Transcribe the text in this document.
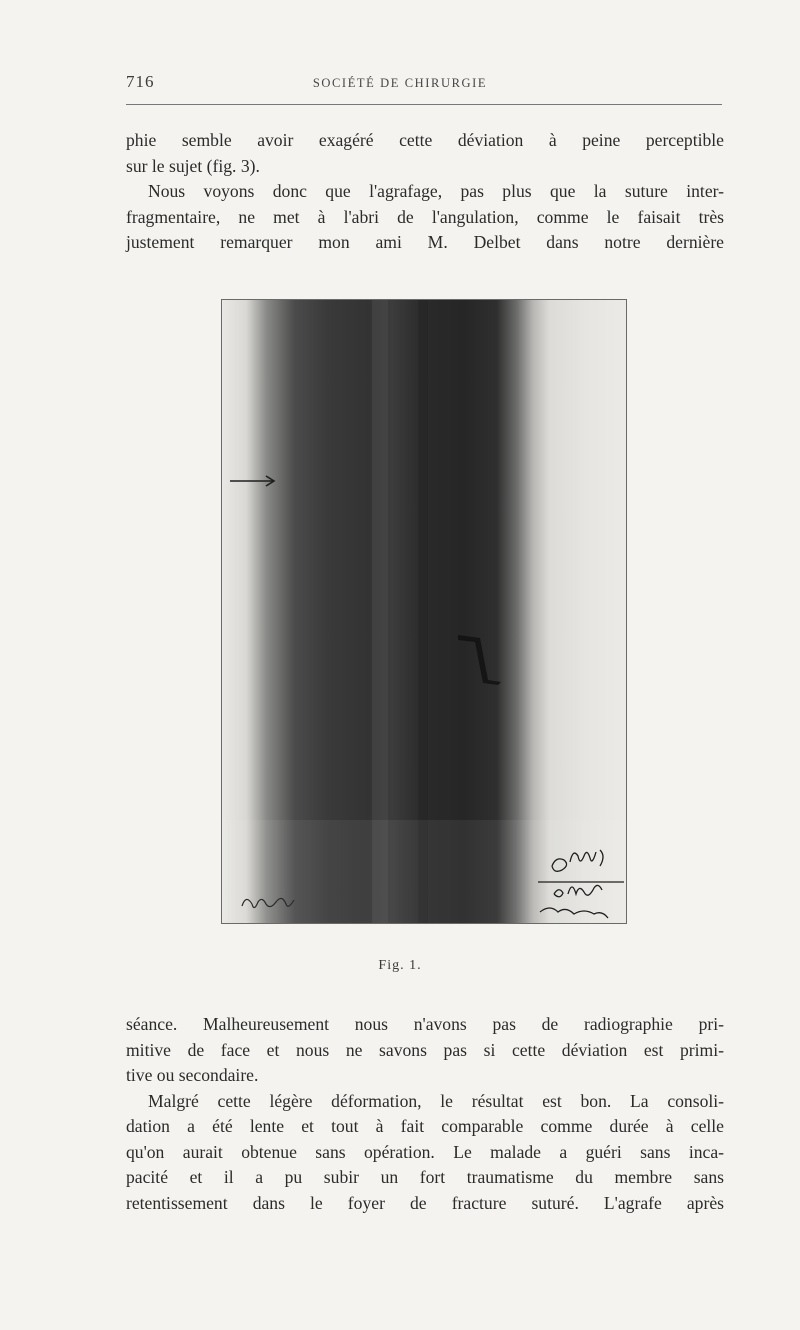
716	SOCIÉTÉ DE CHIRURGIE
phie semble avoir exagéré cette déviation à peine perceptible
sur le sujet (fig. 3).
Nous voyons donc que l'agrafage, pas plus que la suture inter-
fragmentaire, ne met à l'abri de l'angulation, comme le faisait très
justement remarquer mon ami M. Delbet dans notre dernière
Fig. 1.
séance. Malheureusement nous n'avons pas de radiographie pri-
mitive de face et nous ne savons pas si cette déviation est primi-
tive ou secondaire.
Malgré cette légère déformation, le résultat est bon. La consoli-
dation a été lente et tout à fait comparable comme durée à celle
qu'on aurait obtenue sans opération. Le malade a guéri sans inca-
pacité et il a pu subir un fort traumatisme du membre sans
retentissement dans le foyer de fracture suturé. L'agrafe après
